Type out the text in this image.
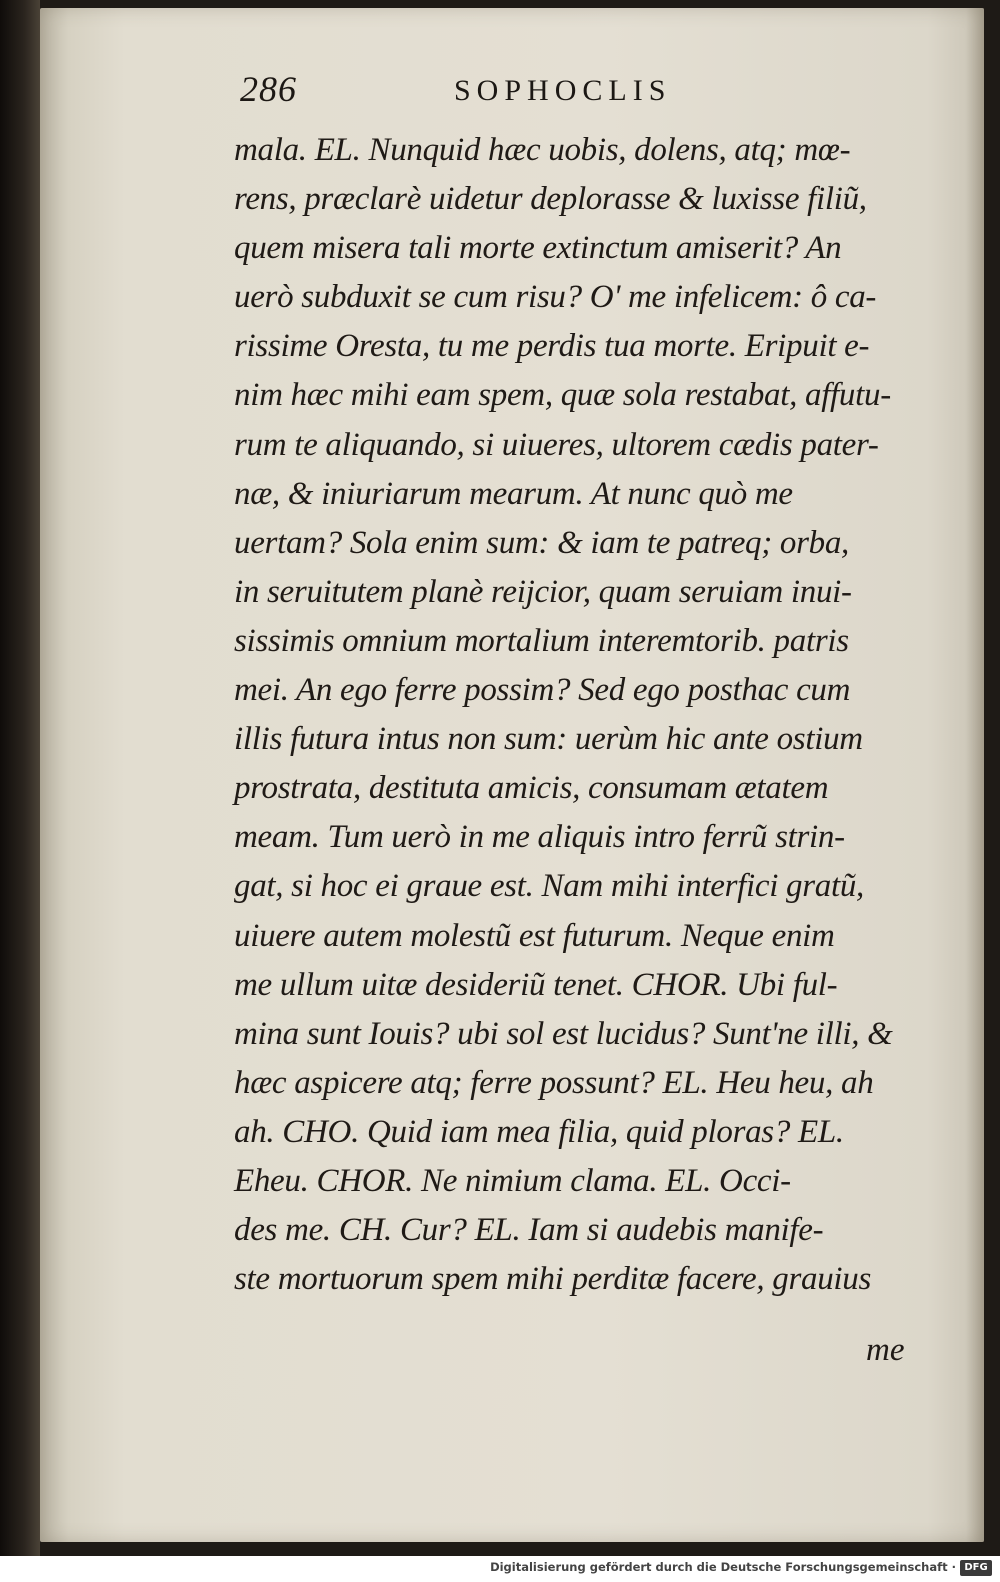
286	SOPHOCLIS
mala. EL. Nunquid hæc uobis, dolens, atq; mœ-
rens, præclarè uidetur deplorasse & luxisse filiũ,
quem misera tali morte extinctum amiserit? An
uerò subduxit se cum risu? O' me infelicem: ô ca-
rissime Oresta, tu me perdis tua morte. Eripuit e-
nim hæc mihi eam spem, quæ sola restabat, affutu-
rum te aliquando, si uiueres, ultorem cædis pater-
næ, & iniuriarum mearum. At nunc quò me
uertam? Sola enim sum: & iam te patreq; orba,
in seruitutem planè reijcior, quam seruiam inui-
sissimis omnium mortalium interemtorib. patris
mei. An ego ferre possim? Sed ego posthac cum
illis futura intus non sum: uerùm hic ante ostium
prostrata, destituta amicis, consumam ætatem
meam. Tum uerò in me aliquis intro ferrũ strin-
gat, si hoc ei graue est. Nam mihi interfici gratũ,
uiuere autem molestũ est futurum. Neque enim
me ullum uitæ desideriũ tenet. CHOR. Ubi ful-
mina sunt Iouis? ubi sol est lucidus? Sunt'ne illi, &
hæc aspicere atq; ferre possunt? EL. Heu heu, ah
ah. CHO. Quid iam mea filia, quid ploras? EL.
Eheu. CHOR. Ne nimium clama. EL. Occi-
des me. CH. Cur? EL. Iam si audebis manife-
ste mortuorum spem mihi perditæ facere, grauius
me
Digitalisierung gefördert durch die Deutsche Forschungsgemeinschaft · DFG
